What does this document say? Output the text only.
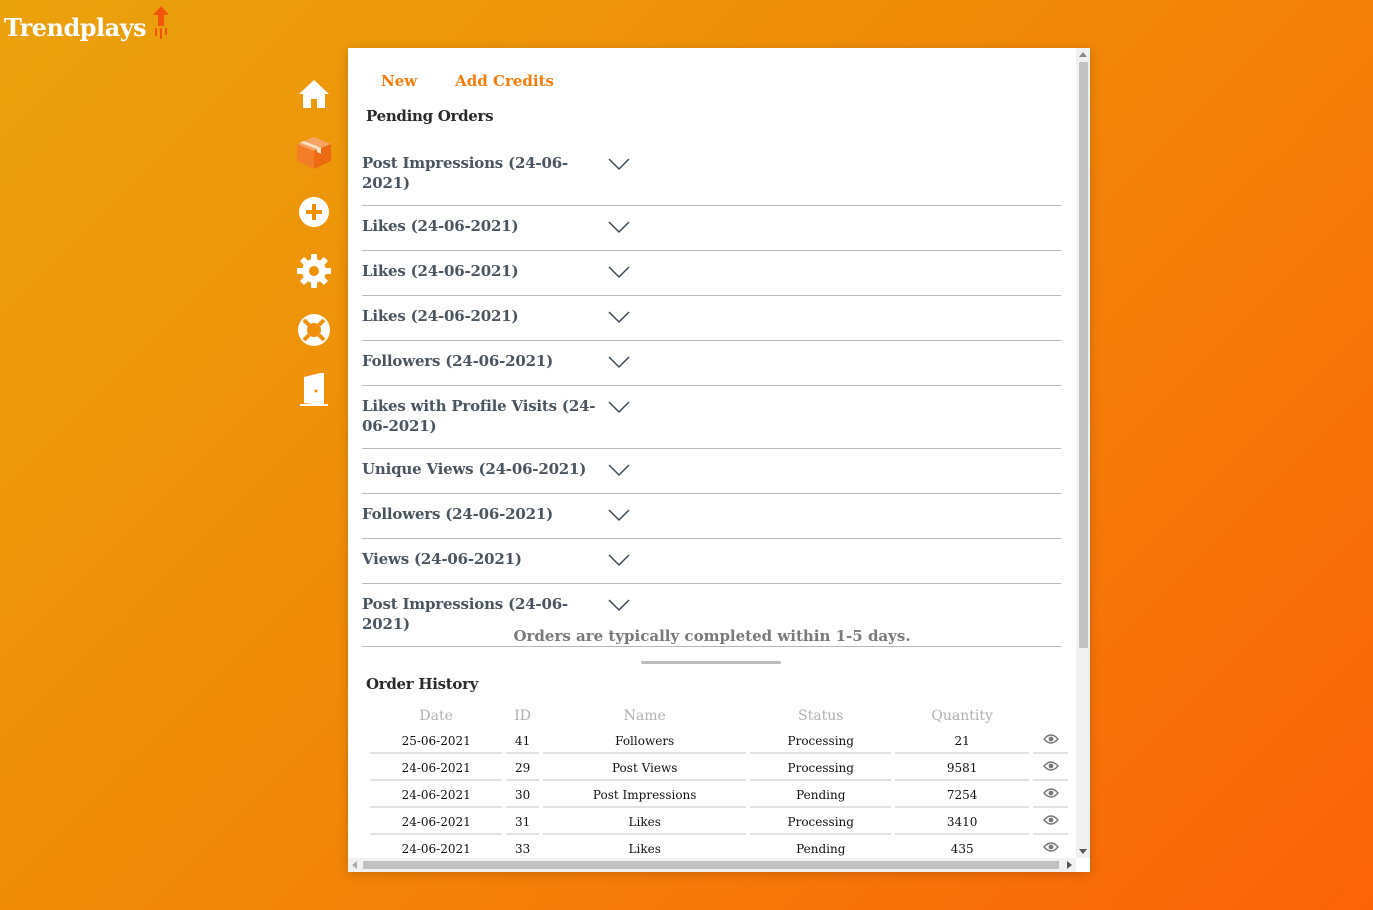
Trendplays
New	Add Credits
Pending Orders
Post Impressions (24-06-2021)
Likes (24-06-2021)
Likes (24-06-2021)
Likes (24-06-2021)
Followers (24-06-2021)
Likes with Profile Visits (24-06-2021)
Unique Views (24-06-2021)
Followers (24-06-2021)
Views (24-06-2021)
Post Impressions (24-06-2021)
Orders are typically completed within 1-5 days.
Order History
Date	ID	Name	Status	Quantity	
25-06-2021	41	Followers	Processing	21	
24-06-2021	29	Post Views	Processing	9581	
24-06-2021	30	Post Impressions	Pending	7254	
24-06-2021	31	Likes	Processing	3410	
24-06-2021	33	Likes	Pending	435	
